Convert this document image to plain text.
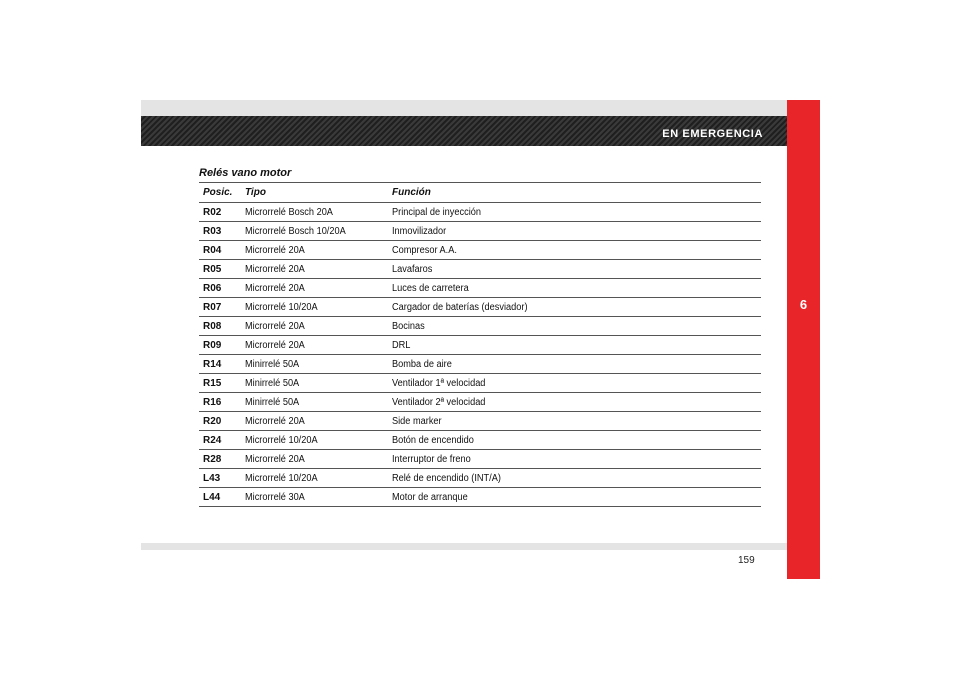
EN EMERGENCIA
6
Relés vano motor
Posic.	Tipo	Función
R02	Microrrelé Bosch 20A	Principal de inyección
R03	Microrrelé Bosch 10/20A	Inmovilizador
R04	Microrrelé 20A	Compresor A.A.
R05	Microrrelé 20A	Lavafaros
R06	Microrrelé 20A	Luces de carretera
R07	Microrrelé 10/20A	Cargador de baterías (desviador)
R08	Microrrelé 20A	Bocinas
R09	Microrrelé 20A	DRL
R14	Minirrelé 50A	Bomba de aire
R15	Minirrelé 50A	Ventilador 1ª velocidad
R16	Minirrelé 50A	Ventilador 2ª velocidad
R20	Microrrelé 20A	Side marker
R24	Microrrelé 10/20A	Botón de encendido
R28	Microrrelé 20A	Interruptor de freno
L43	Microrrelé 10/20A	Relé de encendido (INT/A)
L44	Microrrelé 30A	Motor de arranque
159
